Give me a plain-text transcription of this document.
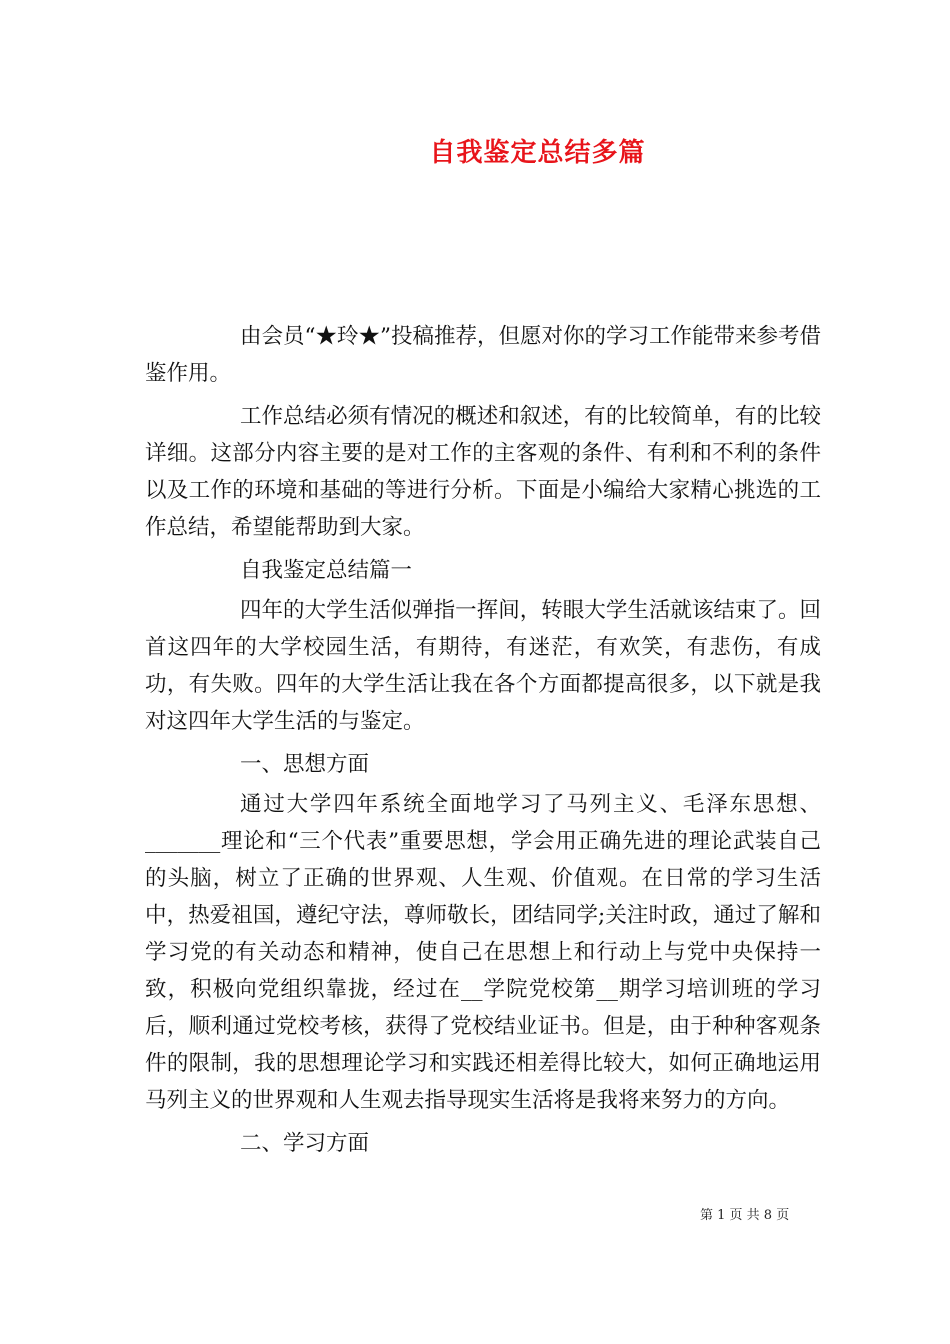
自我鉴定总结多篇

由会员“★玲★”投稿推荐，但愿对你的学习工作能带来参考借鉴作用。

工作总结必须有情况的概述和叙述，有的比较简单，有的比较详细。这部分内容主要的是对工作的主客观的条件、有利和不利的条件以及工作的环境和基础的等进行分析。下面是小编给大家精心挑选的工作总结，希望能帮助到大家。

自我鉴定总结篇一

四年的大学生活似弹指一挥间，转眼大学生活就该结束了。回首这四年的大学校园生活，有期待，有迷茫，有欢笑，有悲伤，有成功，有失败。四年的大学生活让我在各个方面都提高很多，以下就是我对这四年大学生活的与鉴定。

一、思想方面

通过大学四年系统全面地学习了马列主义、毛泽东思想、_______理论和“三个代表”重要思想，学会用正确先进的理论武装自己的头脑，树立了正确的世界观、人生观、价值观。在日常的学习生活中，热爱祖国，遵纪守法，尊师敬长，团结同学;关注时政，通过了解和学习党的有关动态和精神，使自己在思想上和行动上与党中央保持一致，积极向党组织靠拢，经过在__学院党校第__期学习培训班的学习后，顺利通过党校考核，获得了党校结业证书。但是，由于种种客观条件的限制，我的思想理论学习和实践还相差得比较大，如何正确地运用马列主义的世界观和人生观去指导现实生活将是我将来努力的方向。

二、学习方面

第 1 页 共 8 页
